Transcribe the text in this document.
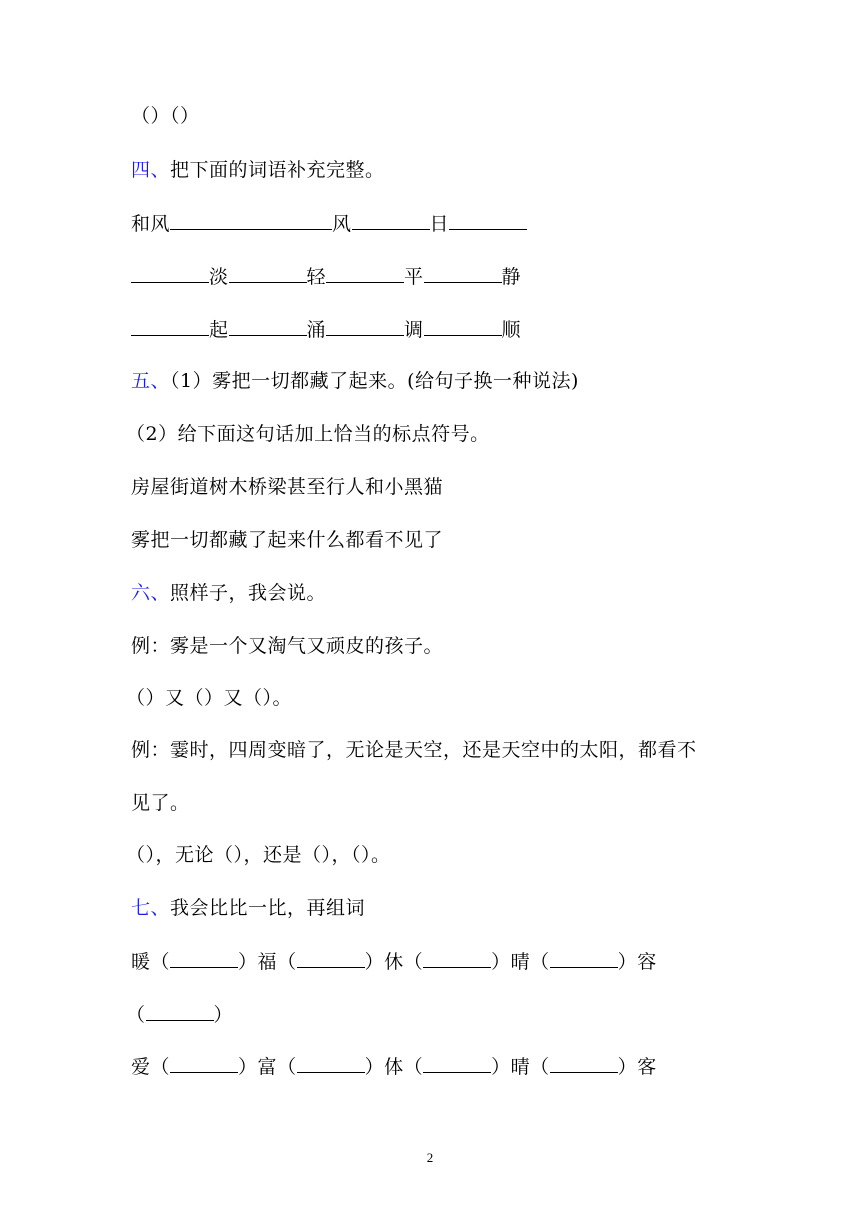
（）（）
四、把下面的词语补充完整。
和风	风	日
淡	轻	平	静
起	涌	调	顺
五、（1）雾把一切都藏了起来。(给句子换一种说法)
（2）给下面这句话加上恰当的标点符号。
房屋街道树木桥梁甚至行人和小黑猫
雾把一切都藏了起来什么都看不见了
六、照样子，我会说。
例：雾是一个又淘气又顽皮的孩子。
（）又（）又（）。
例：霎时，四周变暗了，无论是天空，还是天空中的太阳，都看不
见了。
（），无论（），还是（），（）。
七、我会比比一比，再组词
暖（	）福（	）休（	）晴（	）容
（	）
爱（	）富（	）体（	）晴（	）客
2
